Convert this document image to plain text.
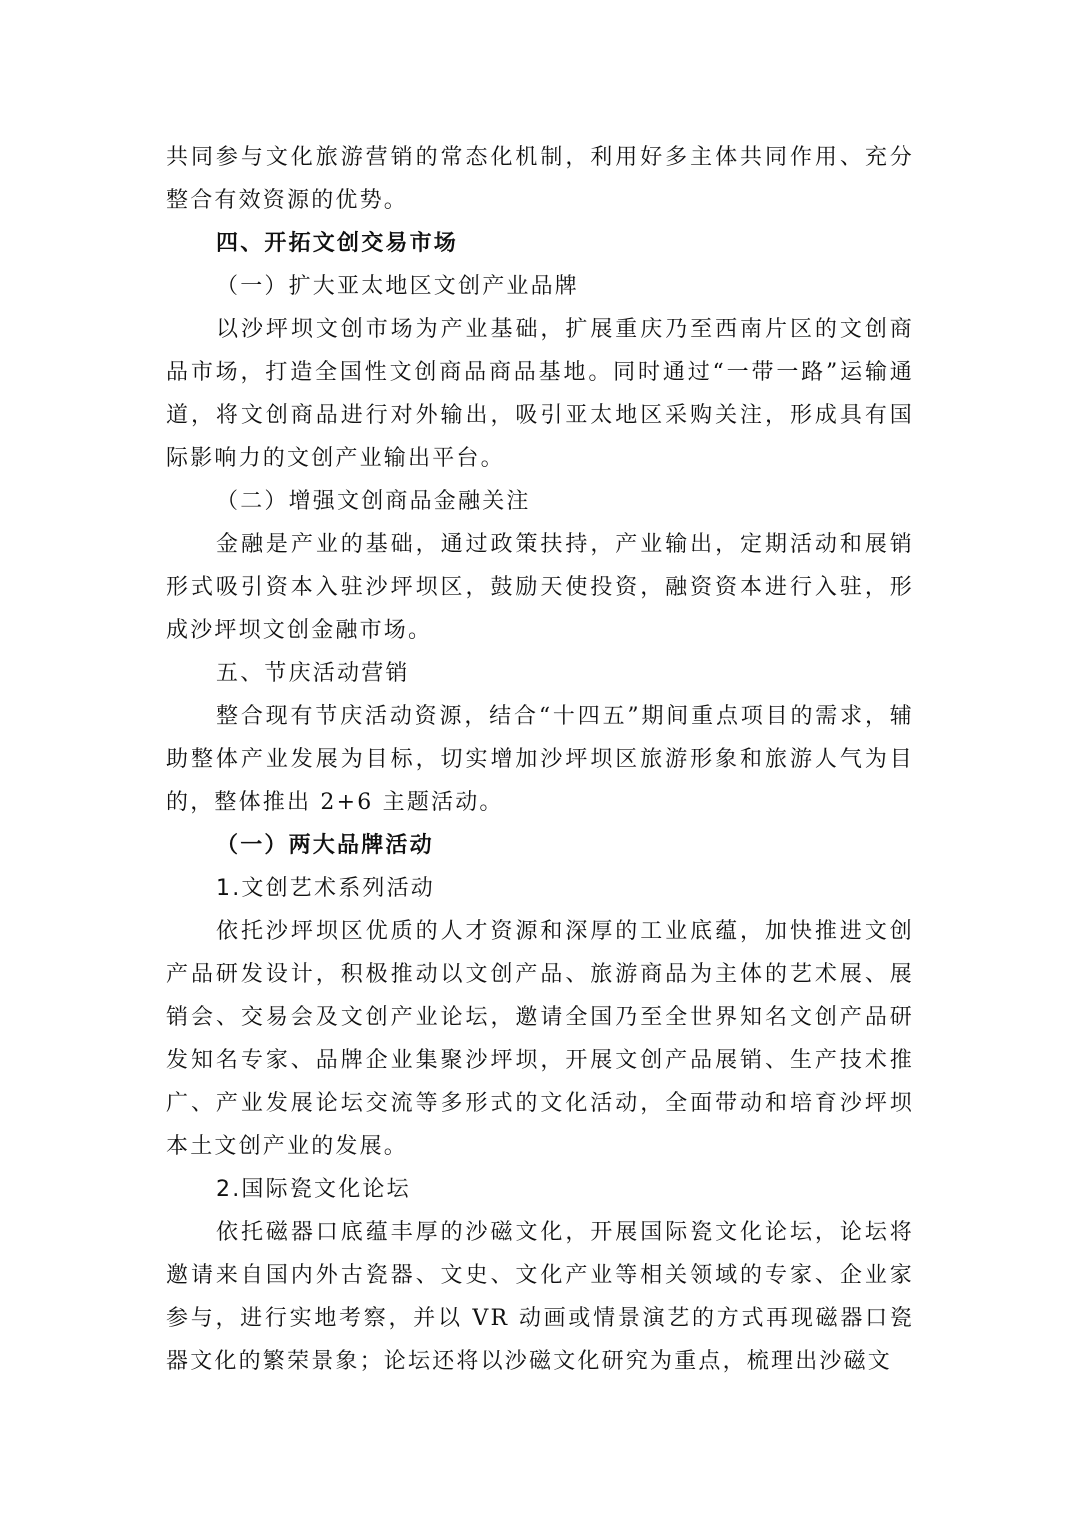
共同参与文化旅游营销的常态化机制，利用好多主体共同作用、充分整合有效资源的优势。

四、开拓文创交易市场

（一）扩大亚太地区文创产业品牌

以沙坪坝文创市场为产业基础，扩展重庆乃至西南片区的文创商品市场，打造全国性文创商品商品基地。同时通过“一带一路”运输通道，将文创商品进行对外输出，吸引亚太地区采购关注，形成具有国际影响力的文创产业输出平台。

（二）增强文创商品金融关注

金融是产业的基础，通过政策扶持，产业输出，定期活动和展销形式吸引资本入驻沙坪坝区，鼓励天使投资，融资资本进行入驻，形成沙坪坝文创金融市场。

五、节庆活动营销

整合现有节庆活动资源，结合“十四五”期间重点项目的需求，辅助整体产业发展为目标，切实增加沙坪坝区旅游形象和旅游人气为目的，整体推出 2+6 主题活动。

（一）两大品牌活动

1.文创艺术系列活动

依托沙坪坝区优质的人才资源和深厚的工业底蕴，加快推进文创产品研发设计，积极推动以文创产品、旅游商品为主体的艺术展、展销会、交易会及文创产业论坛，邀请全国乃至全世界知名文创产品研发知名专家、品牌企业集聚沙坪坝，开展文创产品展销、生产技术推广、产业发展论坛交流等多形式的文化活动，全面带动和培育沙坪坝本土文创产业的发展。

2.国际瓷文化论坛

依托磁器口底蕴丰厚的沙磁文化，开展国际瓷文化论坛，论坛将邀请来自国内外古瓷器、文史、文化产业等相关领域的专家、企业家参与，进行实地考察，并以 VR 动画或情景演艺的方式再现磁器口瓷器文化的繁荣景象；论坛还将以沙磁文化研究为重点，梳理出沙磁文
